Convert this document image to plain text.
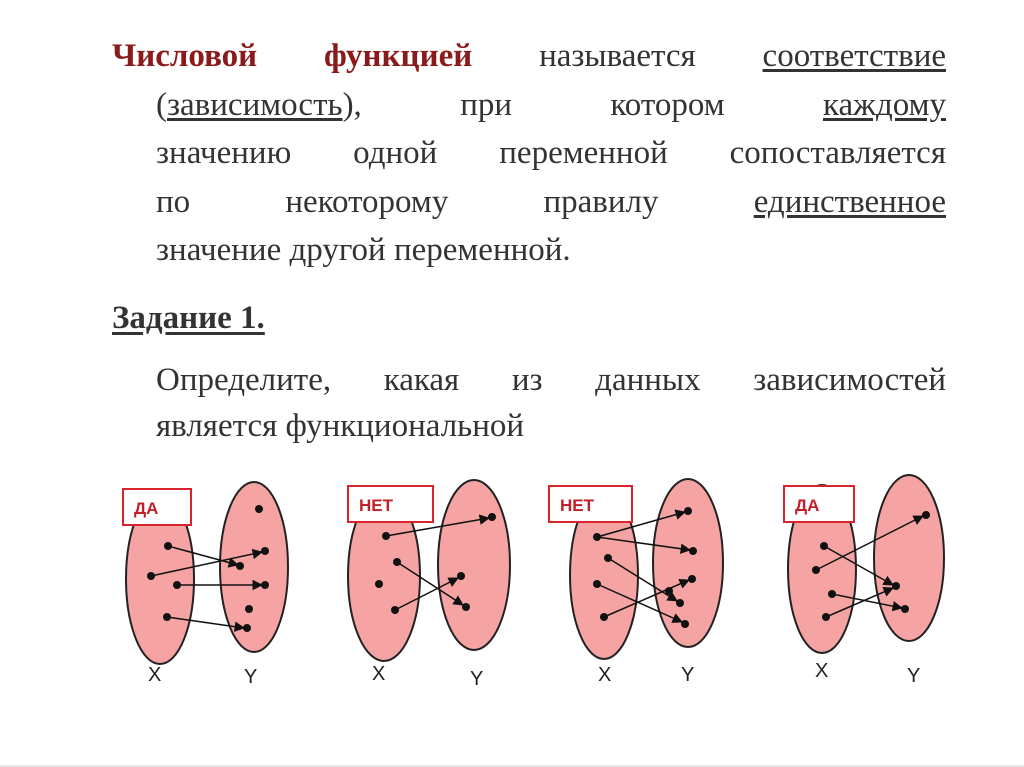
Числовой функцией называется соответствие
(зависимость),	при	котором	каждому
значению одной переменной сопоставляется
по	некоторому	правилу	единственное
значение другой переменной.
Задание 1.
Определите, какая из данных зависимостей
является функциональной
ДА	НЕТ	НЕТ	ДА
X	Y	X	Y	X	Y	X	Y
